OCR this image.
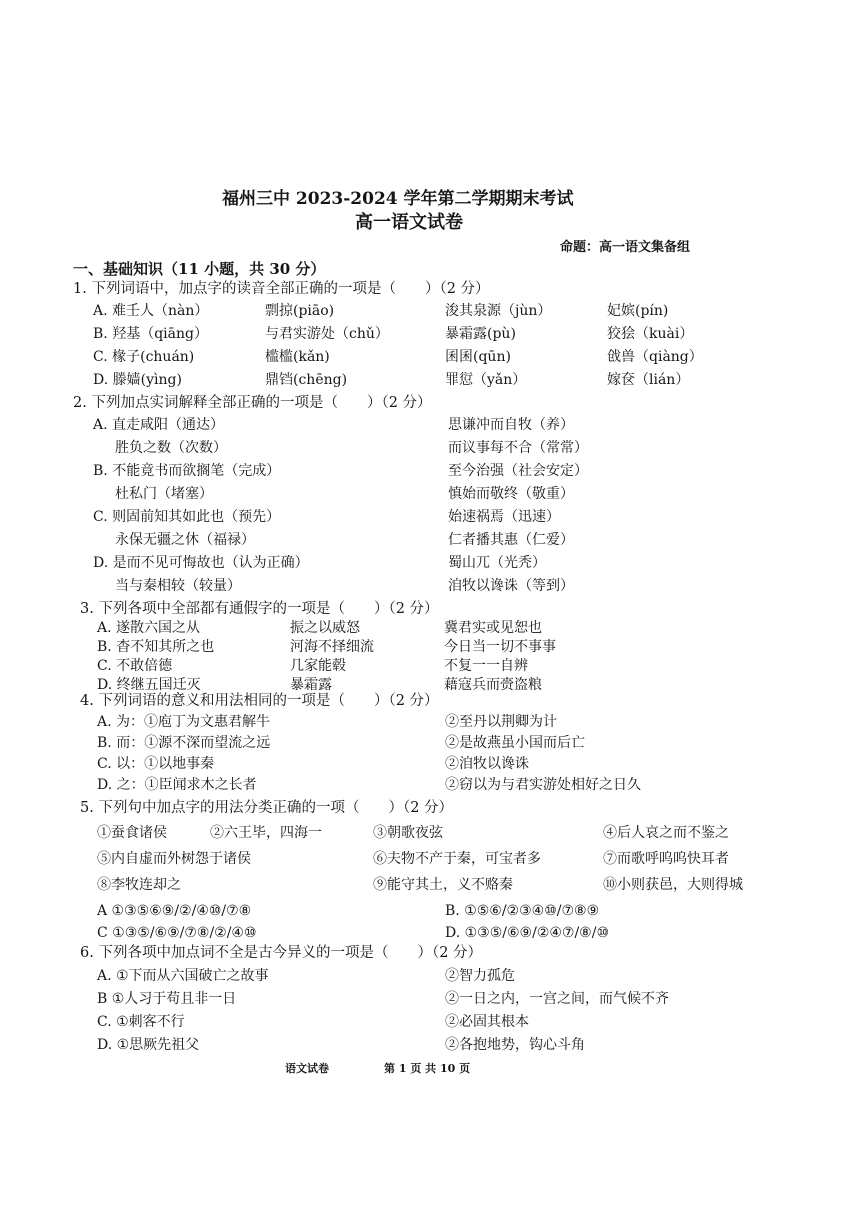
福州三中 2023-2024 学年第二学期期末考试
高一语文试卷
命题：高一语文集备组
一、基础知识（11 小题，共 30 分）
1. 下列词语中，加点字的读音全部正确的一项是（　　）（2 分）
A. 难壬人（nàn）	剽掠(piāo)	浚其泉源（jùn）	妃嫔(pín)
B. 羟基（qiāng）	与君实游处（chǔ）	暴霜露(pù)	狡狯（kuài）
C. 椽子(chuán)	槛槛(kǎn)	囷囷(qūn)	戗兽（qiàng）
D. 滕嫱(yìng)	鼎铛(chēng)	罪愆（yǎn）	嫁奁（lián）
2. 下列加点实词解释全部正确的一项是（　　）（2 分）
A. 直走咸阳（通达）	思谦冲而自牧（养）
胜负之数（次数）	而议事每不合（常常）
B. 不能竟书而欲搁笔（完成）	至今治强（社会安定）
杜私门（堵塞）	慎始而敬终（敬重）
C. 则固前知其如此也（预先）	始速祸焉（迅速）
永保无疆之休（福禄）	仁者播其惠（仁爱）
D. 是而不见可悔故也（认为正确）	蜀山兀（光秃）
当与秦相较（较量）	洎牧以谗诛（等到）
3. 下列各项中全部都有通假字的一项是（　　）（2 分）
A. 遂散六国之从	振之以威怒	冀君实或见恕也
B. 杳不知其所之也	河海不择细流	今日当一切不事事
C. 不敢倍德	几家能毂	不复一一自辨
D. 终继五国迁灭	暴霜露	藉寇兵而赍盗粮
4. 下列词语的意义和用法相同的一项是（　　）（2 分）
A. 为：①庖丁为文惠君解牛	②至丹以荆卿为计
B. 而：①源不深而望流之远	②是故燕虽小国而后亡
C. 以：①以地事秦	②洎牧以谗诛
D. 之：①臣闻求木之长者	②窃以为与君实游处相好之日久
5. 下列句中加点字的用法分类正确的一项（　　）（2 分）
①蚕食诸侯	②六王毕，四海一	③朝歌夜弦	④后人哀之而不鉴之
⑤内自虚而外树怨于诸侯	⑥夫物不产于秦，可宝者多	⑦而歌呼呜呜快耳者
⑧李牧连却之	⑨能守其土，义不赂秦	⑩小则获邑，大则得城
A ①③⑤⑥⑨/②/④⑩/⑦⑧	B. ①⑤⑥/②③④⑩/⑦⑧⑨
C ①③⑤/⑥⑨/⑦⑧/②/④⑩	D. ①③⑤/⑥⑨/②④⑦/⑧/⑩
6. 下列各项中加点词不全是古今异义的一项是（　　）（2 分）
A. ①下而从六国破亡之故事	②智力孤危
B ①人习于苟且非一日	②一日之内，一宫之间，而气候不齐
C. ①刺客不行	②必固其根本
D. ①思厥先祖父	②各抱地势，钩心斗角
语文试卷	第 1 页 共 10 页
